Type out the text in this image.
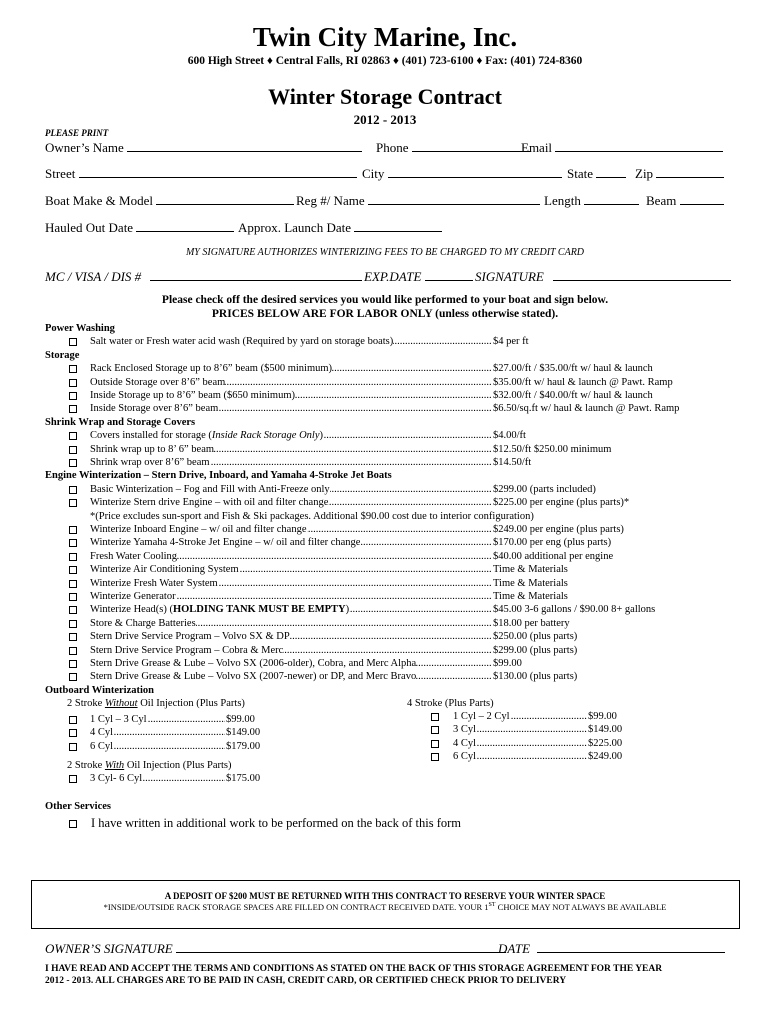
Twin City Marine, Inc.
600 High Street ♦ Central Falls, RI 02863 ♦ (401) 723-6100 ♦ Fax: (401) 724-8360
Winter Storage Contract
2012 - 2013
PLEASE PRINT
Owner’s Name	Phone	Email
Street	City	State	Zip
Boat Make & Model	Reg #/ Name	Length	Beam
Hauled Out Date	Approx. Launch Date
MY SIGNATURE AUTHORIZES WINTERIZING FEES TO BE CHARGED TO MY CREDIT CARD
MC / VISA / DIS #	EXP.DATE	SIGNATURE
Please check off the desired services you would like performed to your boat and sign below.
PRICES BELOW ARE FOR LABOR ONLY (unless otherwise stated).
Power Washing
Salt water or Fresh water acid wash (Required by yard on storage boats) .....	$4 per ft
Storage
Rack Enclosed Storage up to 8’6” beam ($500 minimum) .....	$27.00/ft / $35.00/ft w/ haul & launch
Outside Storage over 8’6” beam .....	$35.00/ft w/ haul & launch @ Pawt. Ramp
Inside Storage up to 8’6” beam ($650 minimum) .....	$32.00/ft / $40.00/ft w/ haul & launch
Inside Storage over 8’6” beam .....	$6.50/sq.ft w/ haul & launch @ Pawt. Ramp
Shrink Wrap and Storage Covers
Covers installed for storage (Inside Rack Storage Only) .....	$4.00/ft
Shrink wrap up to 8’ 6” beam .....	$12.50/ft $250.00 minimum
Shrink wrap over 8’6” beam .....	$14.50/ft
Engine Winterization – Stern Drive, Inboard, and Yamaha 4-Stroke Jet Boats
Basic Winterization – Fog and Fill with Anti-Freeze only .....	$299.00 (parts included)
Winterize Stern drive Engine – with oil and filter change .....	$225.00 per engine (plus parts)*
*(Price excludes sun-sport and Fish & Ski packages. Additional $90.00 cost due to interior configuration)
Winterize Inboard Engine – w/ oil and filter change .....	$249.00 per engine (plus parts)
Winterize Yamaha 4-Stroke Jet Engine – w/ oil and filter change .....	$170.00 per eng (plus parts)
Fresh Water Cooling .....	$40.00 additional per engine
Winterize Air Conditioning System .....	Time & Materials
Winterize Fresh Water System .....	Time & Materials
Winterize Generator .....	Time & Materials
Winterize Head(s) (HOLDING TANK MUST BE EMPTY) .....	$45.00 3-6 gallons / $90.00 8+ gallons
Store & Charge Batteries .....	$18.00 per battery
Stern Drive Service Program – Volvo SX & DP .....	$250.00 (plus parts)
Stern Drive Service Program – Cobra & Merc .....	$299.00 (plus parts)
Stern Drive Grease & Lube – Volvo SX (2006-older), Cobra, and Merc Alpha .....	$99.00
Stern Drive Grease & Lube – Volvo SX (2007-newer) or DP, and Merc Bravo .....	$130.00 (plus parts)
Outboard Winterization
2 Stroke Without Oil Injection (Plus Parts)
1 Cyl – 3 Cyl .....	$99.00
4 Cyl .....	$149.00
6 Cyl .....	$179.00
2 Stroke With Oil Injection (Plus Parts)
3 Cyl- 6 Cyl .....	$175.00
4 Stroke (Plus Parts)
1 Cyl – 2 Cyl .....	$99.00
3 Cyl .....	$149.00
4 Cyl .....	$225.00
6 Cyl .....	$249.00
Other Services
I have written in additional work to be performed on the back of this form
A DEPOSIT OF $200 MUST BE RETURNED WITH THIS CONTRACT TO RESERVE YOUR WINTER SPACE
*INSIDE/OUTSIDE RACK STORAGE SPACES ARE FILLED ON CONTRACT RECEIVED DATE. YOUR 1ST CHOICE MAY NOT ALWAYS BE AVAILABLE
OWNER’S SIGNATURE	DATE
I HAVE READ AND ACCEPT THE TERMS AND CONDITIONS AS STATED ON THE BACK OF THIS STORAGE AGREEMENT FOR THE YEAR
2012 - 2013. ALL CHARGES ARE TO BE PAID IN CASH, CREDIT CARD, OR CERTIFIED CHECK PRIOR TO DELIVERY
